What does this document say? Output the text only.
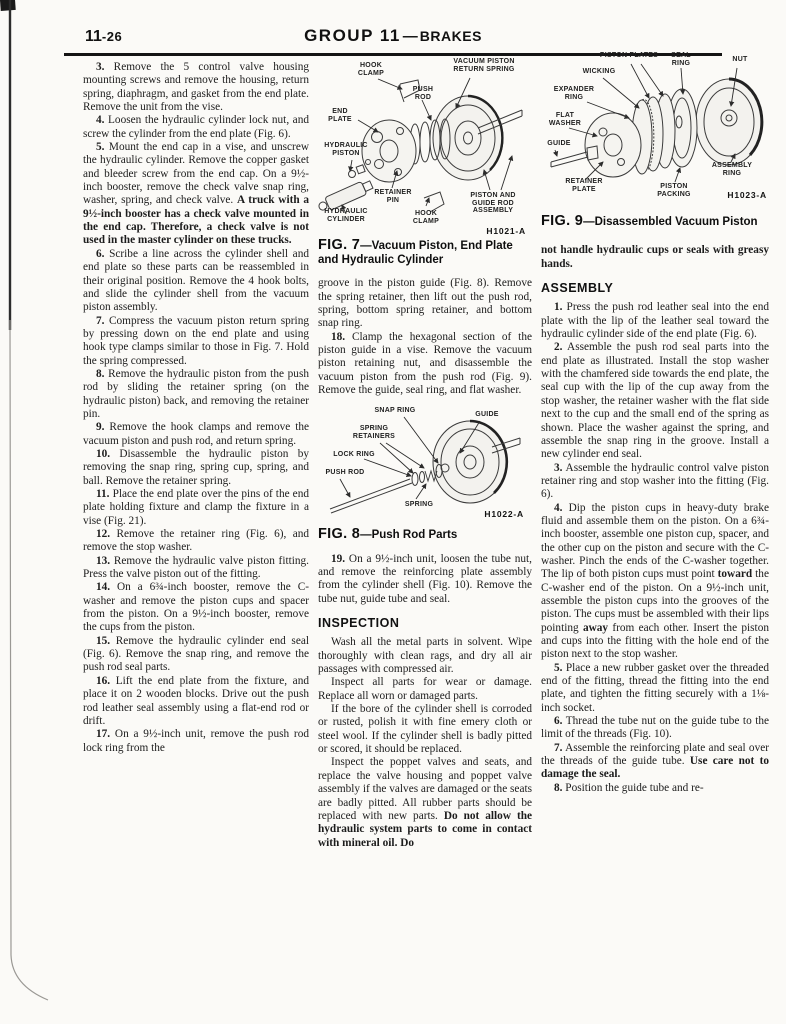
11-26	GROUP 11 — BRAKES

3. Remove the 5 control valve housing mounting screws and remove the housing, return spring, diaphragm, and gasket from the end plate. Remove the unit from the vise.

4. Loosen the hydraulic cylinder lock nut, and screw the cylinder from the end plate (Fig. 6).

5. Mount the end cap in a vise, and unscrew the hydraulic cylinder. Remove the copper gasket and bleeder screw from the end cap. On a 9½-inch booster, remove the check valve snap ring, washer, spring, and check valve. A truck with a 9½-inch booster has a check valve mounted in the end cap. Therefore, a check valve is not used in the master cylinder on these trucks.

6. Scribe a line across the cylinder shell and end plate so these parts can be reassembled in their original position. Remove the 4 hook bolts, and slide the cylinder shell from the vacuum piston assembly.

7. Compress the vacuum piston return spring by pressing down on the end plate and using hook type clamps similar to those in Fig. 7. Hold the spring compressed.

8. Remove the hydraulic piston from the push rod by sliding the retainer spring (on the hydraulic piston) back, and removing the retainer pin.

9. Remove the hook clamps and remove the vacuum piston and push rod, and return spring.

10. Disassemble the hydraulic piston by removing the snap ring, spring cup, spring, and ball. Remove the retainer spring.

11. Place the end plate over the pins of the end plate holding fixture and clamp the fixture in a vise (Fig. 21).

12. Remove the retainer ring (Fig. 6), and remove the stop washer.

13. Remove the hydraulic valve piston fitting. Press the valve piston out of the fitting.

14. On a 6¾-inch booster, remove the C-washer and remove the piston cups and spacer from the piston. On a 9½-inch booster, remove the cups from the piston.

15. Remove the hydraulic cylinder end seal (Fig. 6). Remove the snap ring, and remove the push rod seal parts.

16. Lift the end plate from the fixture, and place it on 2 wooden blocks. Drive out the push rod leather seal assembly using a flat-end rod or drift.

17. On a 9½-inch unit, remove the push rod lock ring from the

HOOK CLAMP
PUSH ROD
VACUUM PISTON RETURN SPRING
END PLATE
HYDRAULIC PISTON
RETAINER PIN
HOOK CLAMP
HYDRAULIC CYLINDER
PISTON AND GUIDE ROD ASSEMBLY
H1021-A
FIG. 7—Vacuum Piston, End Plate and Hydraulic Cylinder

groove in the piston guide (Fig. 8). Remove the spring retainer, then lift out the push rod, spring, bottom spring retainer, and bottom snap ring.

18. Clamp the hexagonal section of the piston guide in a vise. Remove the vacuum piston retaining nut, and disassemble the vacuum piston from the push rod (Fig. 9). Remove the guide, seal ring, and flat washer.

SNAP RING
GUIDE
SPRING RETAINERS
LOCK RING
PUSH ROD
SPRING
H1022-A
FIG. 8—Push Rod Parts

19. On a 9½-inch unit, loosen the tube nut, and remove the reinforcing plate assembly from the cylinder shell (Fig. 10). Remove the tube nut, guide tube and seal.

INSPECTION

Wash all the metal parts in solvent. Wipe thoroughly with clean rags, and dry all air passages with compressed air.

Inspect all parts for wear or damage. Replace all worn or damaged parts.

If the bore of the cylinder shell is corroded or rusted, polish it with fine emery cloth or steel wool. If the cylinder shell is badly pitted or scored, it should be replaced.

Inspect the poppet valves and seats, and replace the valve housing and poppet valve assembly if the valves are damaged or the seats are badly pitted. All rubber parts should be replaced with new parts. Do not allow the hydraulic system parts to come in contact with mineral oil. Do

PISTON PLATES
WICKING
EXPANDER RING
FLAT WASHER
GUIDE
SEAL RING
NUT
RETAINER PLATE	PISTON PACKING
ASSEMBLY RING
H1023-A
FIG. 9—Disassembled Vacuum Piston

not handle hydraulic cups or seals with greasy hands.

ASSEMBLY

1. Press the push rod leather seal into the end plate with the lip of the leather seal toward the hydraulic cylinder side of the end plate (Fig. 6).

2. Assemble the push rod seal parts into the end plate as illustrated. Install the stop washer with the chamfered side towards the end plate, the seal cup with the lip of the cup away from the stop washer, the retainer washer with the flat side next to the cup and the small end of the spring as shown. Place the washer against the spring, and assemble the snap ring in the groove. Install a new cylinder end seal.

3. Assemble the hydraulic control valve piston retainer ring and stop washer into the fitting (Fig. 6).

4. Dip the piston cups in heavy-duty brake fluid and assemble them on the piston. On a 6¾-inch booster, assemble one piston cup, spacer, and the other cup on the piston and secure with the C-washer. Pinch the ends of the C-washer together. The lip of both piston cups must point toward the C-washer end of the piston. On a 9½-inch unit, assemble the piston cups into the grooves of the piston. The cups must be assembled with their lips pointing away from each other. Insert the piston and cups into the fitting with the hole end of the piston next to the stop washer.

5. Place a new rubber gasket over the threaded end of the fitting, thread the fitting into the end plate, and tighten the fitting securely with a 1⅛-inch socket.

6. Thread the tube nut on the guide tube to the limit of the threads (Fig. 10).

7. Assemble the reinforcing plate and seal over the threads of the guide tube. Use care not to damage the seal.

8. Position the guide tube and re-
